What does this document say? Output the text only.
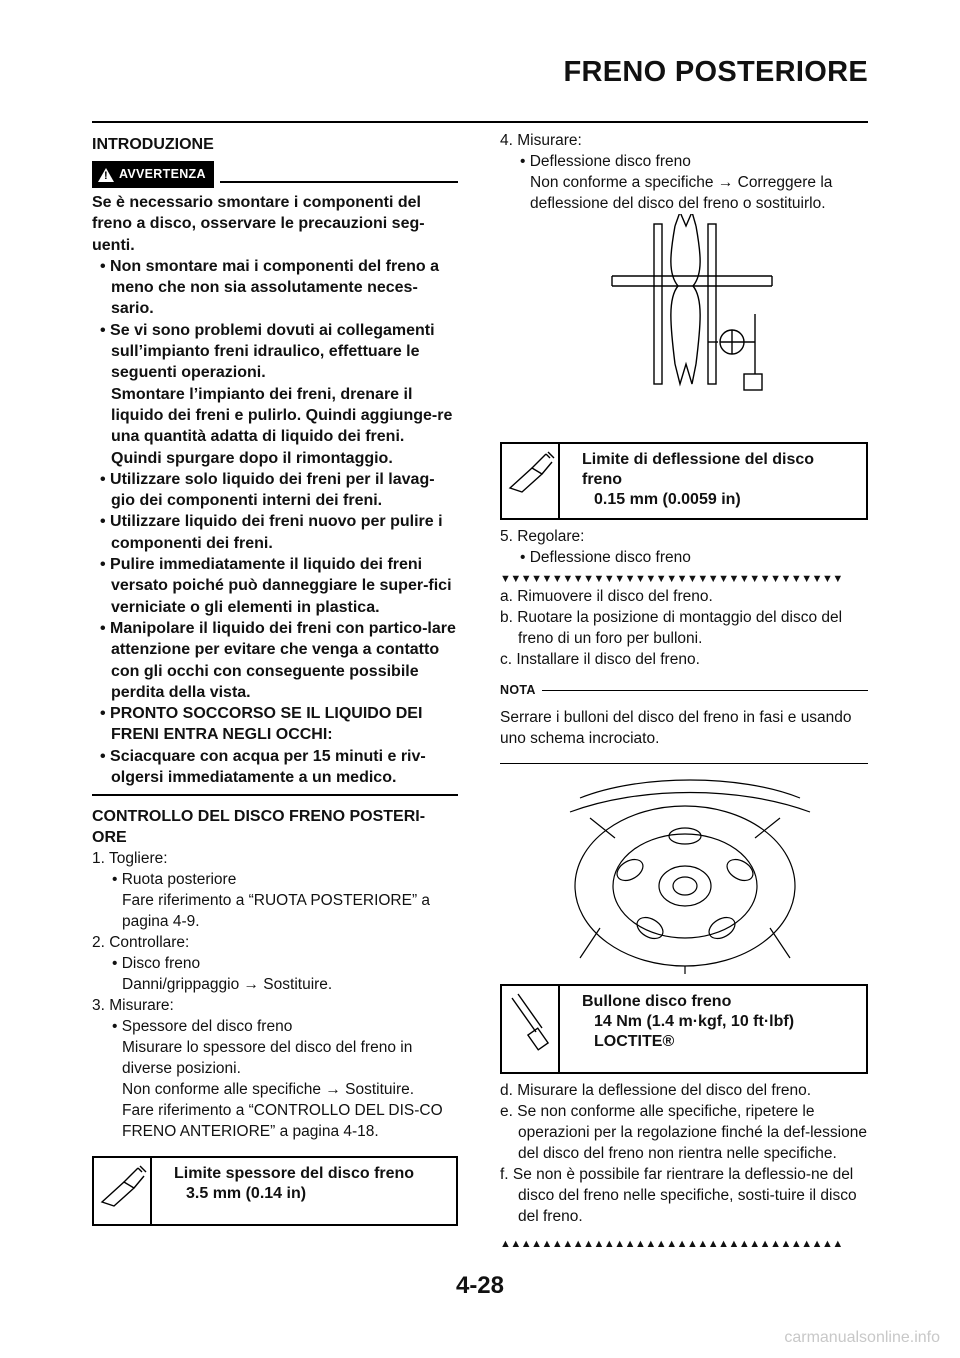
FRENO POSTERIORE
INTRODUZIONE
! AVVERTENZA
Se è necessario smontare i componenti del freno a disco, osservare le precauzioni seg-uenti.
• Non smontare mai i componenti del freno a meno che non sia assolutamente neces-sario.
• Se vi sono problemi dovuti ai collegamenti sull’impianto freni idraulico, effettuare le seguenti operazioni.
Smontare l’impianto dei freni, drenare il liquido dei freni e pulirlo. Quindi aggiunge-re una quantità adatta di liquido dei freni. Quindi spurgare dopo il rimontaggio.
• Utilizzare solo liquido dei freni per il lavag-gio dei componenti interni dei freni.
• Utilizzare liquido dei freni nuovo per pulire i componenti dei freni.
• Pulire immediatamente il liquido dei freni versato poiché può danneggiare le super-fici verniciate o gli elementi in plastica.
• Manipolare il liquido dei freni con partico-lare attenzione per evitare che venga a contatto con gli occhi con conseguente possibile perdita della vista.
• PRONTO SOCCORSO SE IL LIQUIDO DEI FRENI ENTRA NEGLI OCCHI:
• Sciacquare con acqua per 15 minuti e riv-olgersi immediatamente a un medico.
CONTROLLO DEL DISCO FRENO POSTERI-ORE
1. Togliere:
• Ruota posteriore
Fare riferimento a “RUOTA POSTERIORE” a pagina 4-9.
2. Controllare:
• Disco freno
Danni/grippaggio → Sostituire.
3. Misurare:
• Spessore del disco freno
Misurare lo spessore del disco del freno in diverse posizioni.
Non conforme alle specifiche → Sostituire.
Fare riferimento a “CONTROLLO DEL DIS-CO FRENO ANTERIORE” a pagina 4-18.
Limite spessore del disco freno
3.5 mm (0.14 in)
4. Misurare:
• Deflessione disco freno
Non conforme a specifiche → Correggere la deflessione del disco del freno o sostituirlo.
Limite di deflessione del disco freno
0.15 mm (0.0059 in)
5. Regolare:
• Deflessione disco freno
▼▼▼▼▼▼▼▼▼▼▼▼▼▼▼▼▼▼▼▼▼▼▼▼▼▼▼▼▼▼▼▼▼
a. Rimuovere il disco del freno.
b. Ruotare la posizione di montaggio del disco del freno di un foro per bulloni.
c. Installare il disco del freno.
NOTA
Serrare i bulloni del disco del freno in fasi e usando uno schema incrociato.
Bullone disco freno
14 Nm (1.4 m·kgf, 10 ft·lbf)
LOCTITE®
d. Misurare la deflessione del disco del freno.
e. Se non conforme alle specifiche, ripetere le operazioni per la regolazione finché la def-lessione del disco del freno non rientra nelle specifiche.
f. Se non è possibile far rientrare la deflessio-ne del disco del freno nelle specifiche, sosti-tuire il disco del freno.
▲▲▲▲▲▲▲▲▲▲▲▲▲▲▲▲▲▲▲▲▲▲▲▲▲▲▲▲▲▲▲▲▲
4-28
carmanualsonline.info
